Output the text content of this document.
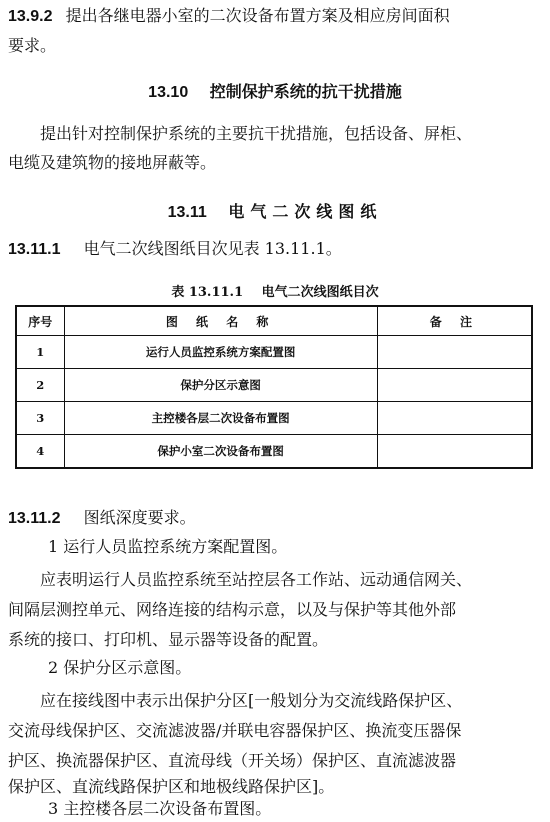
13.9.2 提出各继电器小室的二次设备布置方案及相应房间面积
要求。
13.10 控制保护系统的抗干扰措施
提出针对控制保护系统的主要抗干扰措施，包括设备、屏柜、
电缆及建筑物的接地屏蔽等。
13.11 电气二次线图纸
13.11.1 电气二次线图纸目次见表 13.11.1。
表 13.11.1 电气二次线图纸目次
序号	图 纸 名 称	备 注
1	运行人员监控系统方案配置图	
2	保护分区示意图	
3	主控楼各层二次设备布置图	
4	保护小室二次设备布置图	
13.11.2 图纸深度要求。
1 运行人员监控系统方案配置图。
应表明运行人员监控系统至站控层各工作站、远动通信网关、
间隔层测控单元、网络连接的结构示意，以及与保护等其他外部
系统的接口、打印机、显示器等设备的配置。
2 保护分区示意图。
应在接线图中表示出保护分区[一般划分为交流线路保护区、
交流母线保护区、交流滤波器/并联电容器保护区、换流变压器保
护区、换流器保护区、直流母线（开关场）保护区、直流滤波器
保护区、直流线路保护区和地极线路保护区]。
3 主控楼各层二次设备布置图。
